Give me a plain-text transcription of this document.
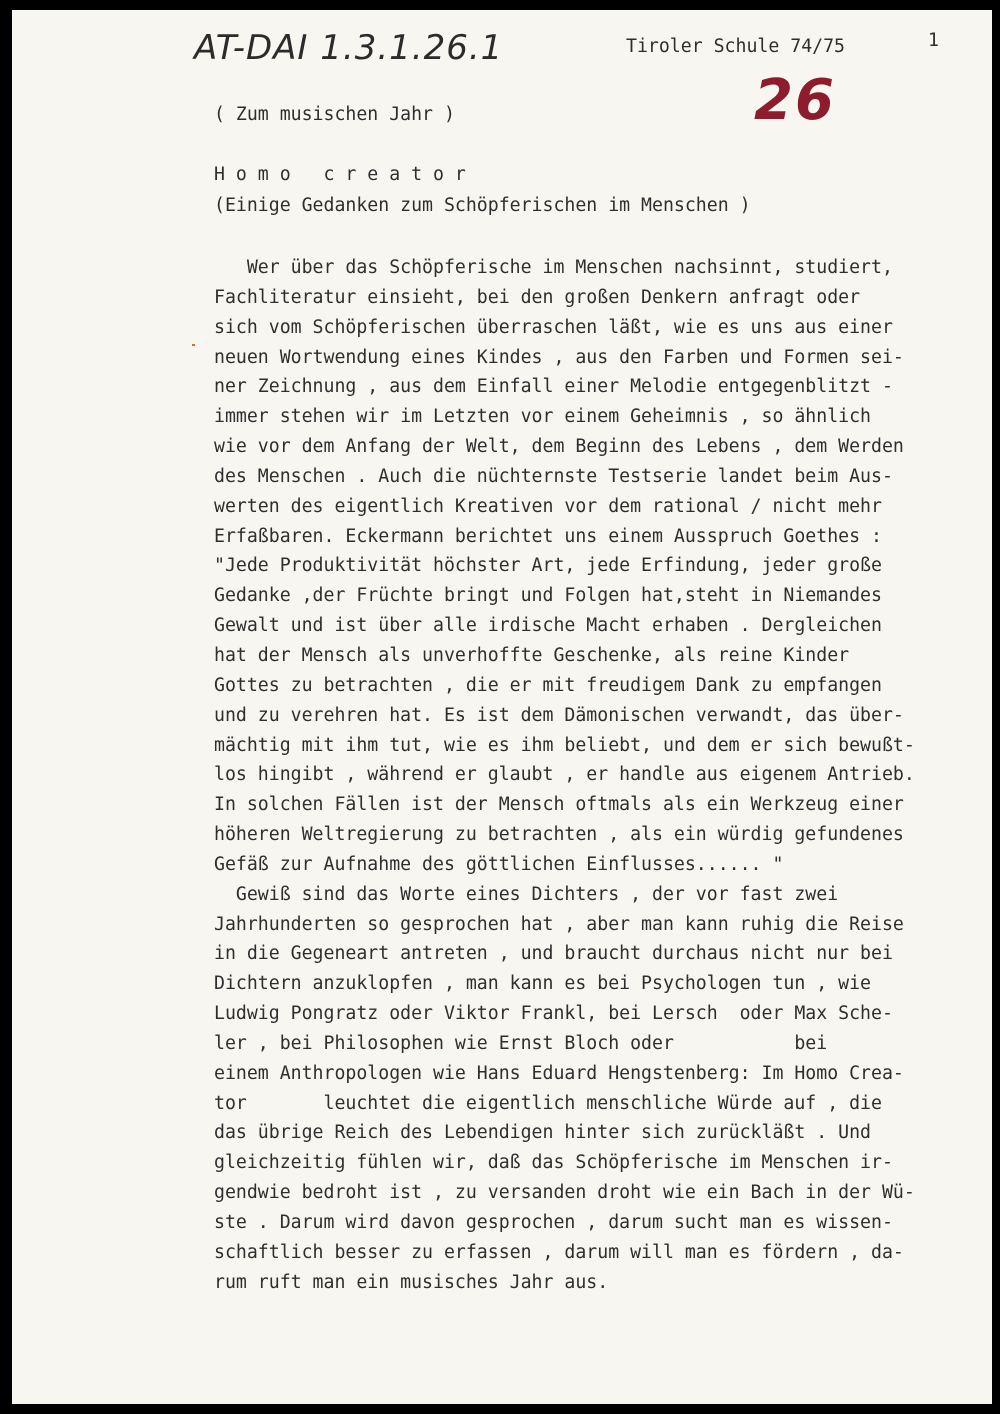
AT-DAI 1.3.1.26.1
26
Tiroler Schule 74/75	1
( Zum musischen Jahr )
H o m o   c r e a t o r
(Einige Gedanken zum Schöpferischen im Menschen )
Wer über das Schöpferische im Menschen nachsinnt, studiert,
Fachliteratur einsieht, bei den großen Denkern anfragt oder
sich vom Schöpferischen überraschen läßt, wie es uns aus einer
neuen Wortwendung eines Kindes , aus den Farben und Formen sei-
ner Zeichnung , aus dem Einfall einer Melodie entgegenblitzt -
immer stehen wir im Letzten vor einem Geheimnis , so ähnlich
wie vor dem Anfang der Welt, dem Beginn des Lebens , dem Werden
des Menschen . Auch die nüchternste Testserie landet beim Aus-
werten des eigentlich Kreativen vor dem rational / nicht mehr
Erfaßbaren. Eckermann berichtet uns einem Ausspruch Goethes :
"Jede Produktivität höchster Art, jede Erfindung, jeder große
Gedanke ,der Früchte bringt und Folgen hat,steht in Niemandes
Gewalt und ist über alle irdische Macht erhaben . Dergleichen
hat der Mensch als unverhoffte Geschenke, als reine Kinder
Gottes zu betrachten , die er mit freudigem Dank zu empfangen
und zu verehren hat. Es ist dem Dämonischen verwandt, das über-
mächtig mit ihm tut, wie es ihm beliebt, und dem er sich bewußt-
los hingibt , während er glaubt , er handle aus eigenem Antrieb.
In solchen Fällen ist der Mensch oftmals als ein Werkzeug einer
höheren Weltregierung zu betrachten , als ein würdig gefundenes
Gefäß zur Aufnahme des göttlichen Einflusses...... "
Gewiß sind das Worte eines Dichters , der vor fast zwei
Jahrhunderten so gesprochen hat , aber man kann ruhig die Reise
in die Gegeneart antreten , und braucht durchaus nicht nur bei
Dichtern anzuklopfen , man kann es bei Psychologen tun , wie
Ludwig Pongratz oder Viktor Frankl, bei Lersch  oder Max Sche-
ler , bei Philosophen wie Ernst Bloch oder           bei
einem Anthropologen wie Hans Eduard Hengstenberg: Im Homo Crea-
tor       leuchtet die eigentlich menschliche Würde auf , die
das übrige Reich des Lebendigen hinter sich zurückläßt . Und
gleichzeitig fühlen wir, daß das Schöpferische im Menschen ir-
gendwie bedroht ist , zu versanden droht wie ein Bach in der Wü-
ste . Darum wird davon gesprochen , darum sucht man es wissen-
schaftlich besser zu erfassen , darum will man es fördern , da-
rum ruft man ein musisches Jahr aus.
